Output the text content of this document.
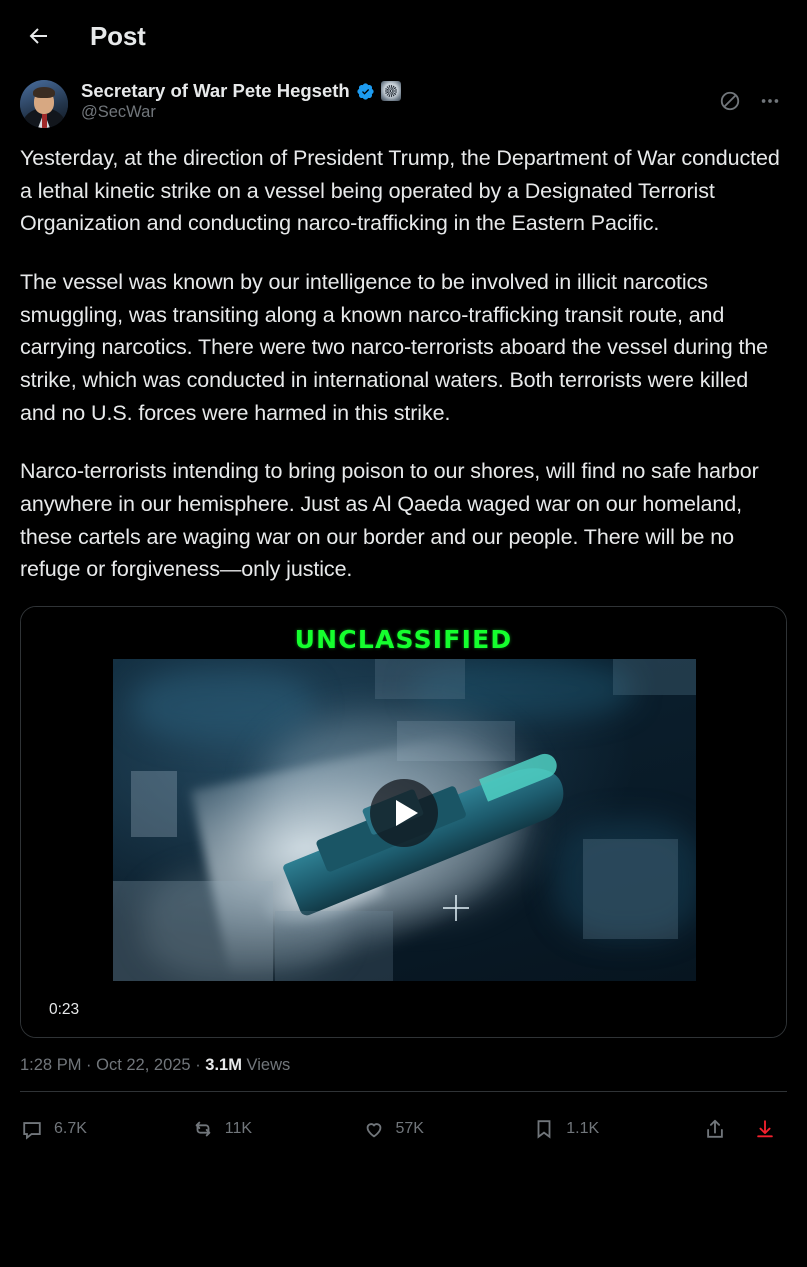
Post
Secretary of War Pete Hegseth
@SecWar

Yesterday, at the direction of President Trump, the Department of War conducted a lethal kinetic strike on a vessel being operated by a Designated Terrorist Organization and conducting narco-trafficking in the Eastern Pacific.

The vessel was known by our intelligence to be involved in illicit narcotics smuggling, was transiting along a known narco-trafficking transit route, and carrying narcotics. There were two narco-terrorists aboard the vessel during the strike, which was conducted in international waters. Both terrorists were killed and no U.S. forces were harmed in this strike.

Narco-terrorists intending to bring poison to our shores, will find no safe harbor anywhere in our hemisphere. Just as Al Qaeda waged war on our homeland, these cartels are waging war on our border and our people. There will be no refuge or forgiveness—only justice.

UNCLASSIFIED
0:23
1:28 PM · Oct 22, 2025 · 3.1M Views
6.7K	11K	57K	1.1K
